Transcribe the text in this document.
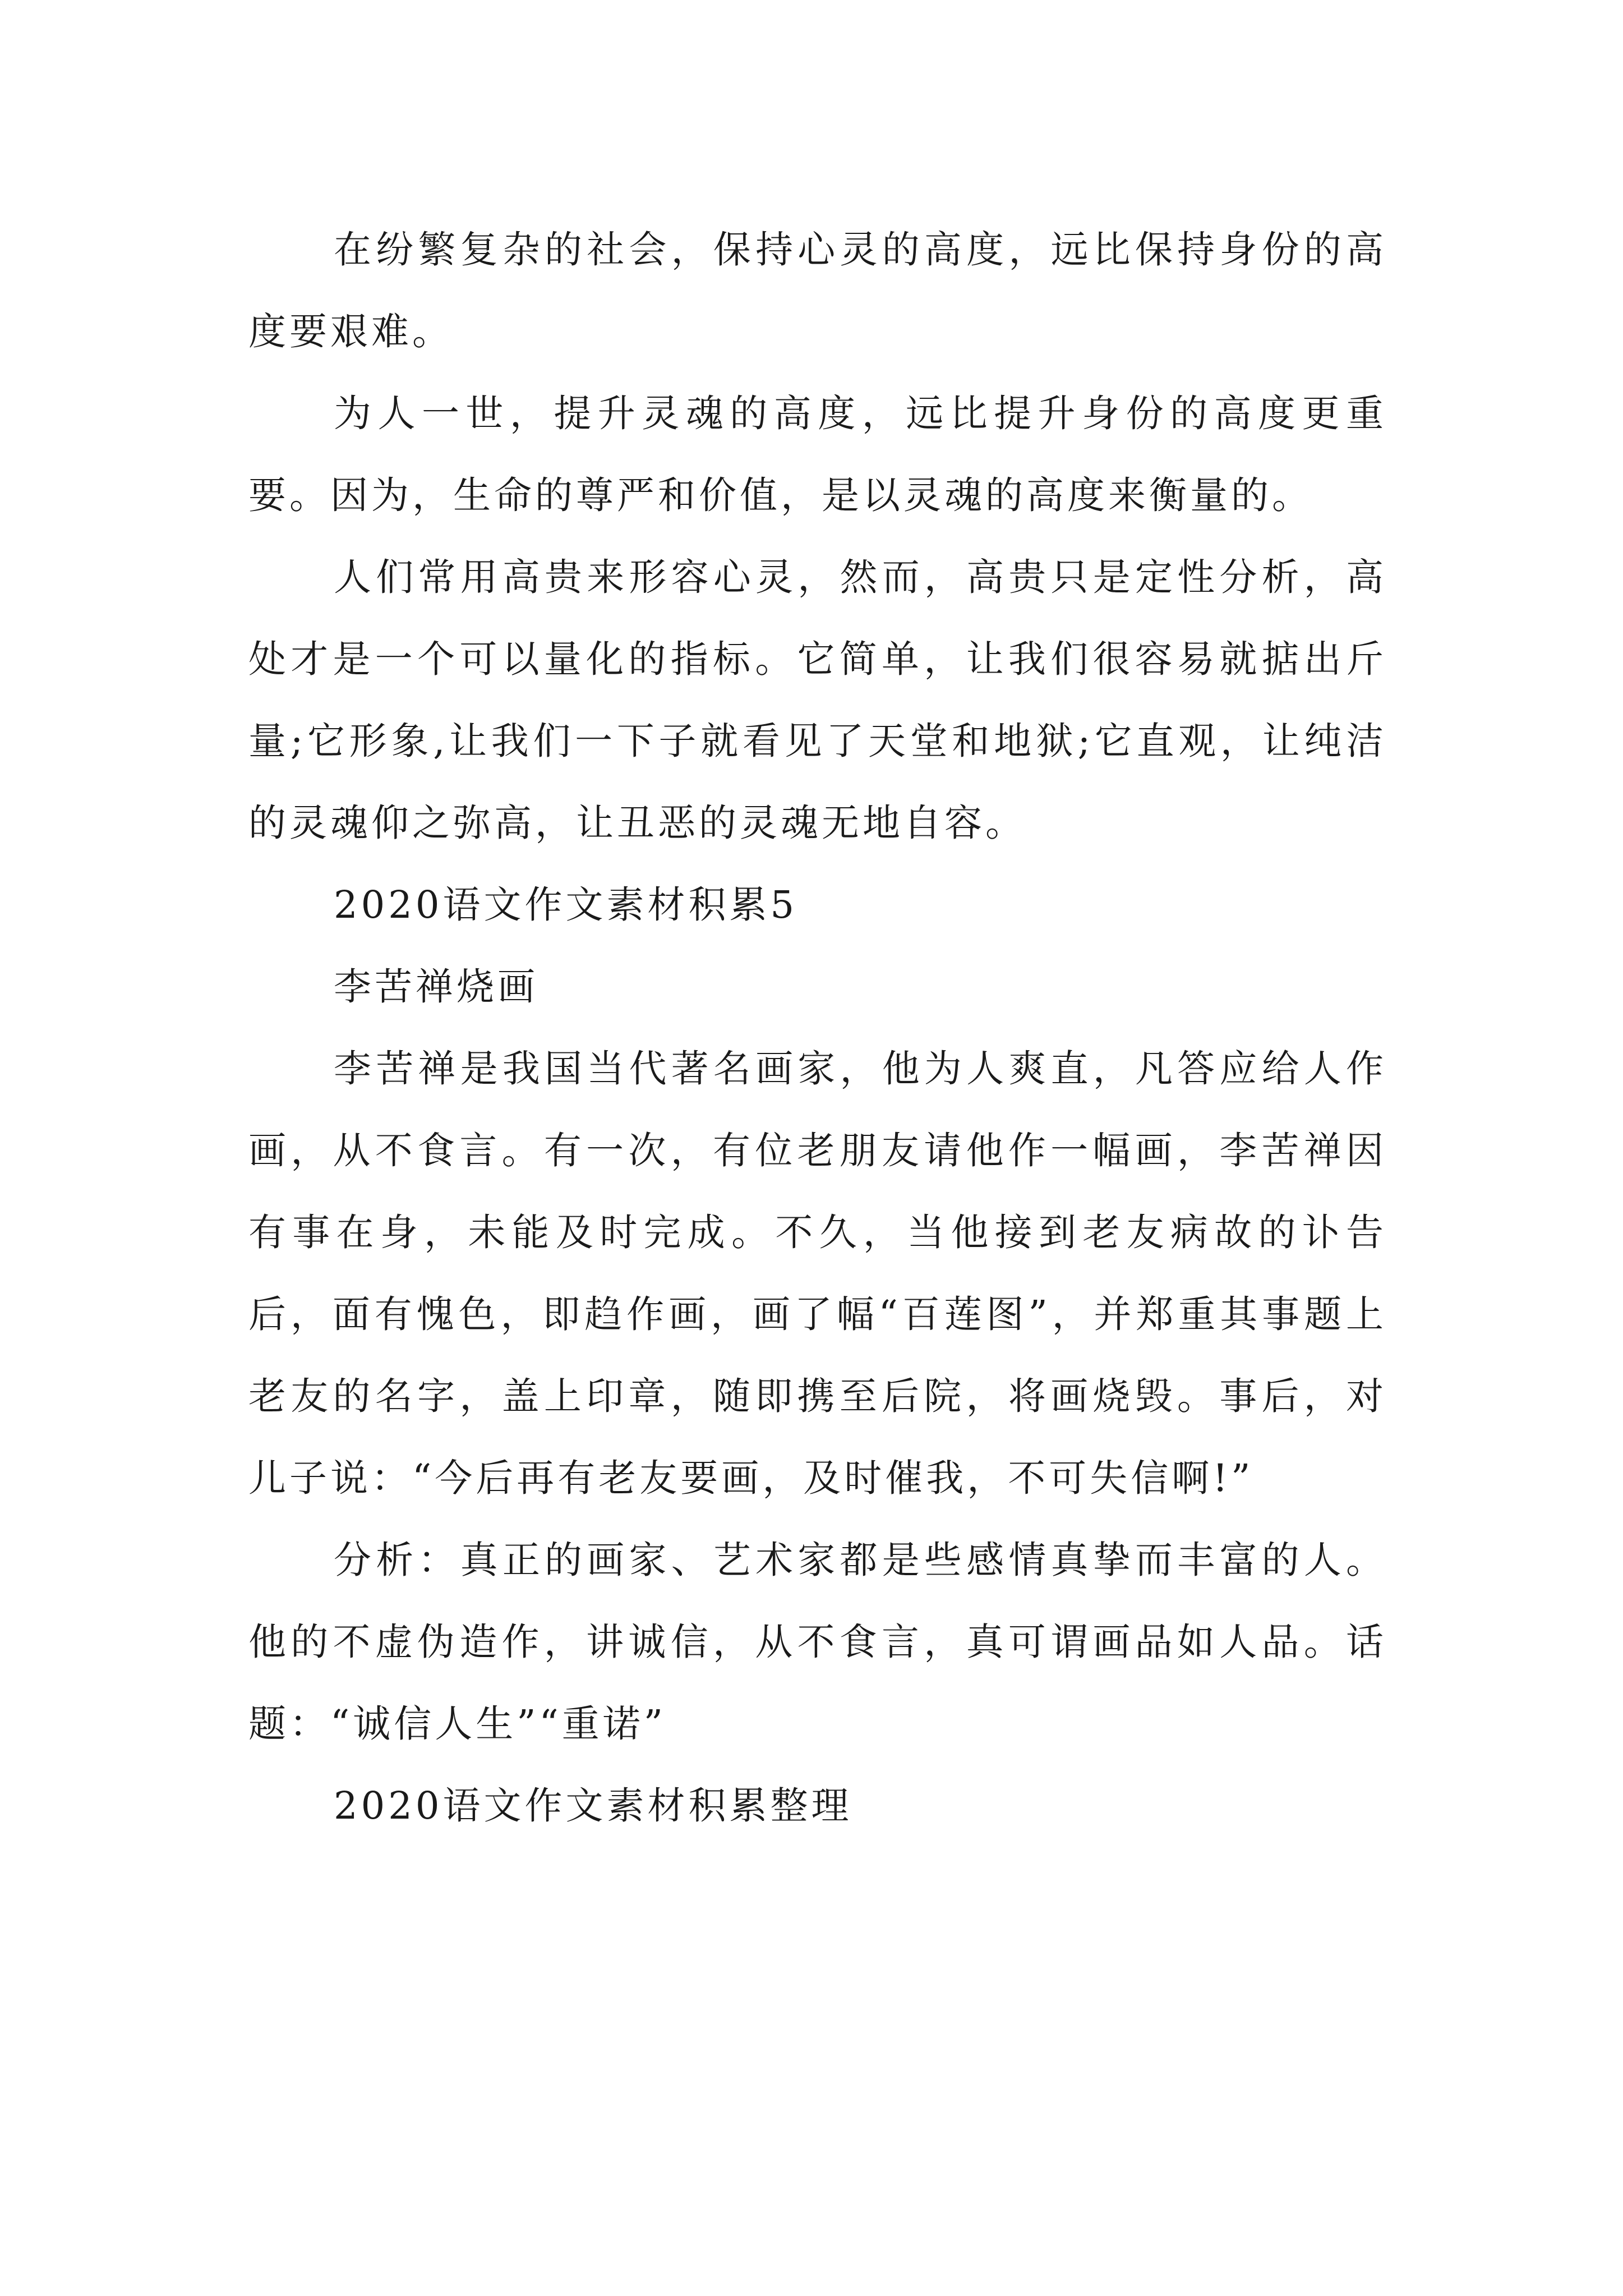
在纷繁复杂的社会，保持心灵的高度，远比保持身份的高度要艰难。

为人一世，提升灵魂的高度，远比提升身份的高度更重要。因为，生命的尊严和价值，是以灵魂的高度来衡量的。

人们常用高贵来形容心灵，然而，高贵只是定性分析，高处才是一个可以量化的指标。它简单，让我们很容易就掂出斤量;它形象,让我们一下子就看见了天堂和地狱;它直观，让纯洁的灵魂仰之弥高，让丑恶的灵魂无地自容。

2020语文作文素材积累5

李苦禅烧画

李苦禅是我国当代著名画家，他为人爽直，凡答应给人作画，从不食言。有一次，有位老朋友请他作一幅画，李苦禅因有事在身，未能及时完成。不久，当他接到老友病故的讣告后，面有愧色，即趋作画，画了幅“百莲图”，并郑重其事题上老友的名字，盖上印章，随即携至后院，将画烧毁。事后，对儿子说：“今后再有老友要画，及时催我，不可失信啊!”

分析：真正的画家、艺术家都是些感情真挚而丰富的人。他的不虚伪造作，讲诚信，从不食言，真可谓画品如人品。话题：“诚信人生”“重诺”

2020语文作文素材积累整理
